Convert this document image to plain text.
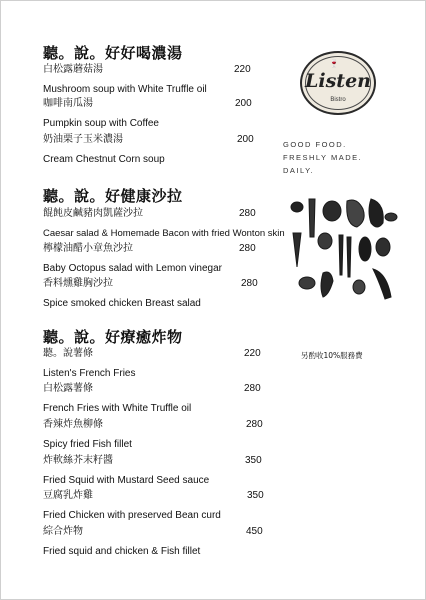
聽。說。好好喝濃湯
白松露蘑菇湯	220
Mushroom soup with White Truffle oil
咖啡南瓜湯	200
Pumpkin soup with Coffee
奶油栗子玉米濃湯	200
Cream Chestnut Corn soup
聽。說。好健康沙拉
餛飩皮鹹豬肉凱薩沙拉	280
Caesar salad & Homemade Bacon with fried Wonton skin
檸檬油醋小章魚沙拉	280
Baby Octopus salad with Lemon vinegar
香料燻雞胸沙拉	280
Spice smoked chicken Breast salad
聽。說。好療癒炸物
聽。說薯條	220
Listen's French Fries
白松露薯條	280
French Fries with White Truffle oil
香辣炸魚柳條	280
Spicy fried Fish fillet
炸軟絲芥末籽醬	350
Fried Squid with Mustard Seed sauce
豆腐乳炸雞	350
Fried Chicken with preserved Bean curd
綜合炸物	450
Fried squid and chicken & Fish fillet
🍷
Listen
Bistro
GOOD FOOD.
FRESHLY MADE.
DAILY.
另酌收10%服務費
